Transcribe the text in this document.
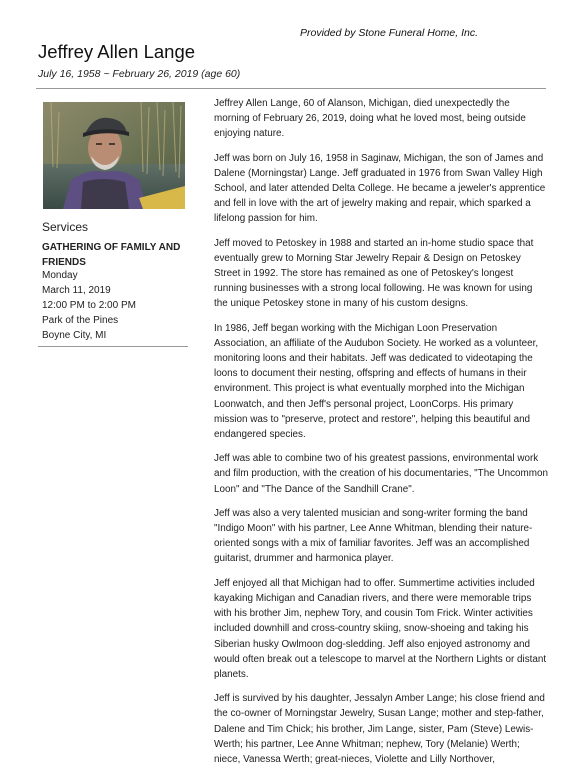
Provided by Stone Funeral Home, Inc.
Jeffrey Allen Lange
July 16, 1958 ~ February 26, 2019 (age 60)
Services
GATHERING OF FAMILY AND FRIENDS
Monday
March 11, 2019
12:00 PM to 2:00 PM
Park of the Pines
Boyne City, MI

Jeffrey Allen Lange, 60 of Alanson, Michigan, died unexpectedly the morning of February 26, 2019, doing what he loved most, being outside enjoying nature.

Jeff was born on July 16, 1958 in Saginaw, Michigan, the son of James and Dalene (Morningstar) Lange. Jeff graduated in 1976 from Swan Valley High School, and later attended Delta College. He became a jeweler's apprentice and fell in love with the art of jewelry making and repair, which sparked a lifelong passion for him.

Jeff moved to Petoskey in 1988 and started an in-home studio space that eventually grew to Morning Star Jewelry Repair & Design on Petoskey Street in 1992. The store has remained as one of Petoskey's longest running businesses with a strong local following. He was known for using the unique Petoskey stone in many of his custom designs.

In 1986, Jeff began working with the Michigan Loon Preservation Association, an affiliate of the Audubon Society. He worked as a volunteer, monitoring loons and their habitats. Jeff was dedicated to videotaping the loons to document their nesting, offspring and effects of humans in their environment. This project is what eventually morphed into the Michigan Loonwatch, and then Jeff's personal project, LoonCorps. His primary mission was to "preserve, protect and restore", helping this beautiful and endangered species.

Jeff was able to combine two of his greatest passions, environmental work and film production, with the creation of his documentaries, "The Uncommon Loon" and "The Dance of the Sandhill Crane".

Jeff was also a very talented musician and song-writer forming the band "Indigo Moon" with his partner, Lee Anne Whitman, blending their nature-oriented songs with a mix of familiar favorites. Jeff was an accomplished guitarist, drummer and harmonica player.

Jeff enjoyed all that Michigan had to offer. Summertime activities included kayaking Michigan and Canadian rivers, and there were memorable trips with his brother Jim, nephew Tory, and cousin Tom Frick. Winter activities included downhill and cross-country skiing, snow-shoeing and taking his Siberian husky Owlmoon dog-sledding. Jeff also enjoyed astronomy and would often break out a telescope to marvel at the Northern Lights or distant planets.

Jeff is survived by his daughter, Jessalyn Amber Lange; his close friend and the co-owner of Morningstar Jewelry, Susan Lange; mother and step-father, Dalene and Tim Chick; his brother, Jim Lange, sister, Pam (Steve) Lewis-Werth; his partner, Lee Anne Whitman; nephew, Tory (Melanie) Werth; niece, Vanessa Werth; great-nieces, Violette and Lilly Northover,
